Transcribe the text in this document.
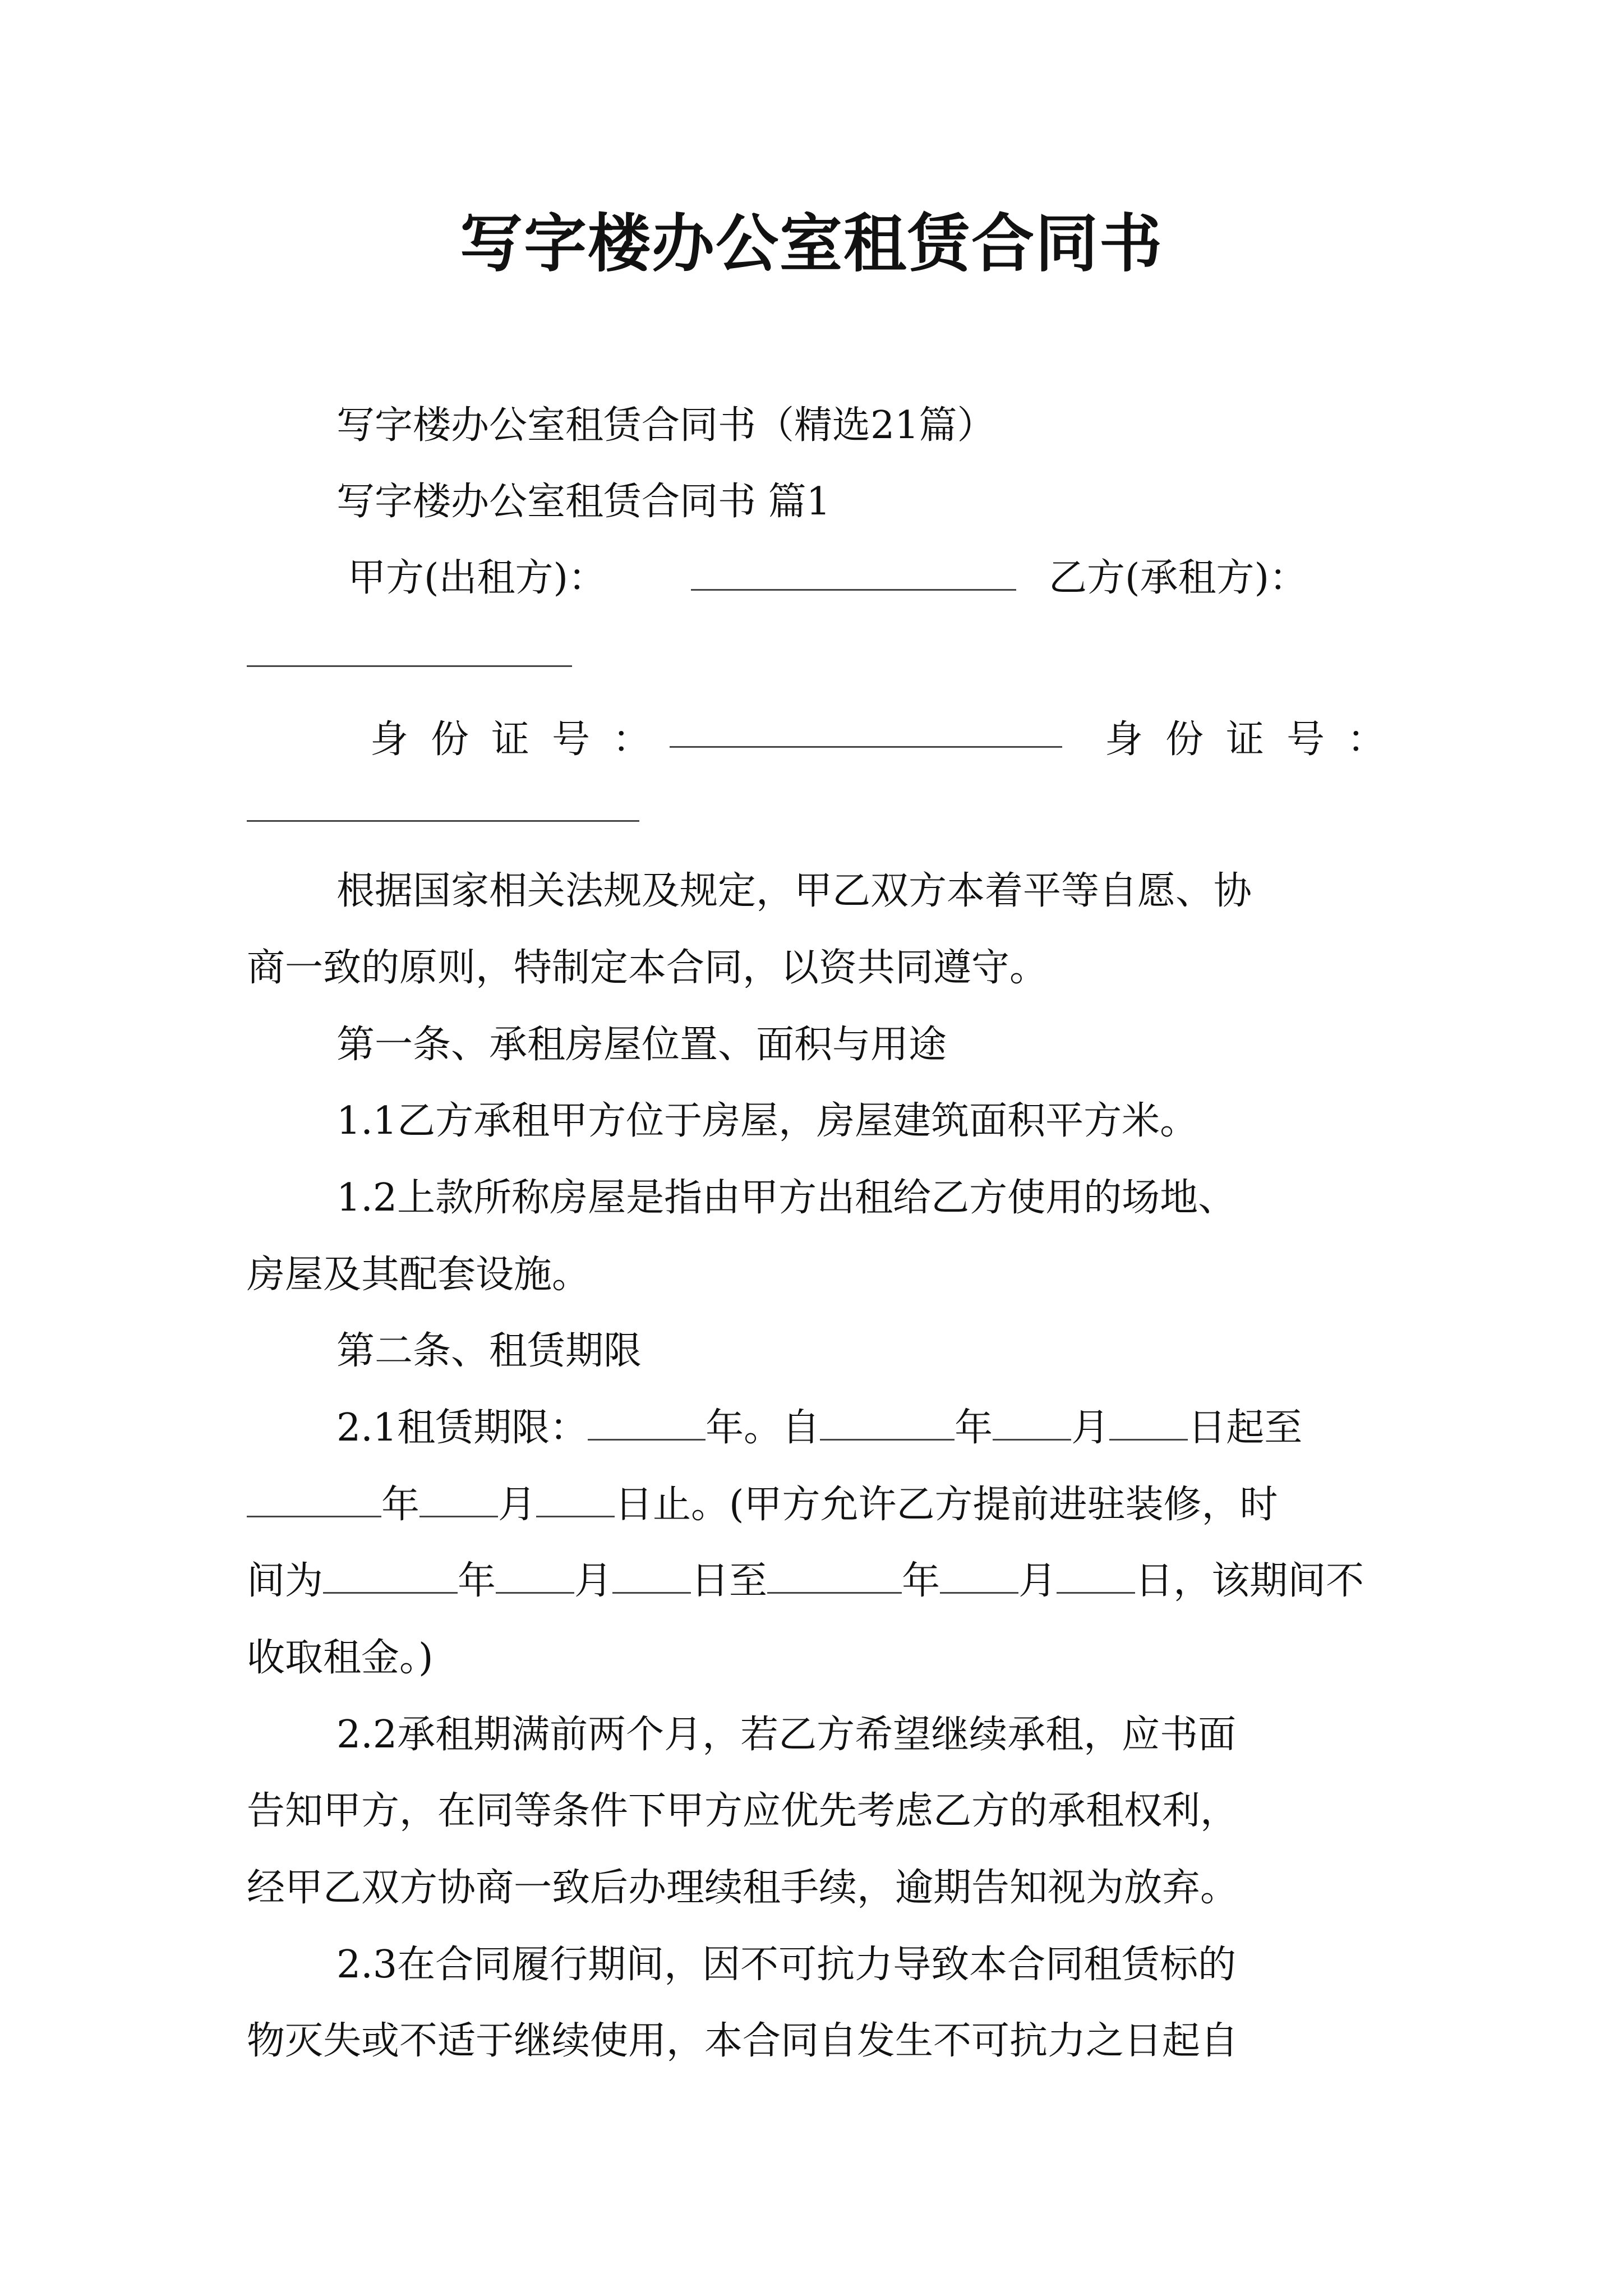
写字楼办公室租赁合同书
写字楼办公室租赁合同书（精选21篇）
写字楼办公室租赁合同书 篇1
甲方(出租方)：	乙方(承租方)：
身份证号：	身份证号：
根据国家相关法规及规定，甲乙双方本着平等自愿、协
商一致的原则，特制定本合同，以资共同遵守。
第一条、承租房屋位置、面积与用途
1.1乙方承租甲方位于房屋，房屋建筑面积平方米。
1.2上款所称房屋是指由甲方出租给乙方使用的场地、
房屋及其配套设施。
第二条、租赁期限
2.1租赁期限：	年。自	年 月 日起至
年 月 日止。(甲方允许乙方提前进驻装修，时
间为	年 月 日至	年 月 日，该期间不
收取租金。)
2.2承租期满前两个月，若乙方希望继续承租，应书面
告知甲方，在同等条件下甲方应优先考虑乙方的承租权利，
经甲乙双方协商一致后办理续租手续，逾期告知视为放弃。
2.3在合同履行期间，因不可抗力导致本合同租赁标的
物灭失或不适于继续使用，本合同自发生不可抗力之日起自
